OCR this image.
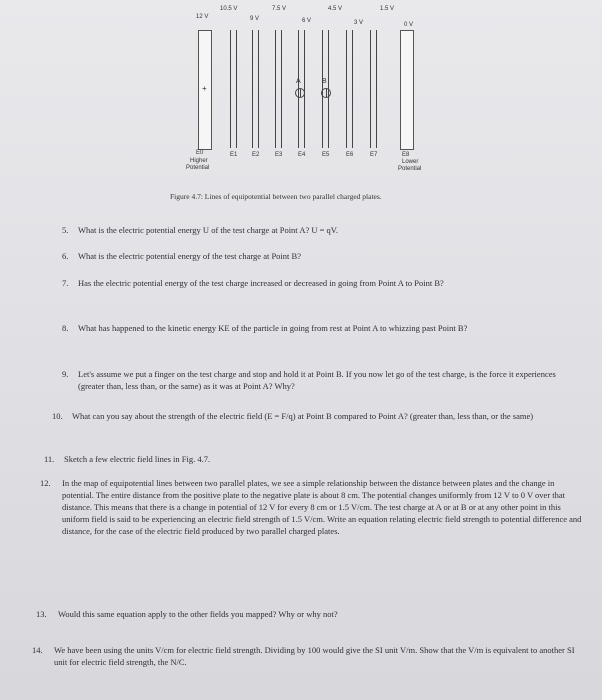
10.5 V	7.5 V	4.5 V	1.5 V
12 V	9 V	6 V	3 V	0 V
+
A	B
E0	E1 E2	E3	E4	E5	E6	E7	E8
Higher
Potential
Lower
Potential
Figure 4.7: Lines of equipotential between two parallel charged plates.
5. What is the electric potential energy U of the test charge at Point A? U = qV.
6. What is the electric potential energy of the test charge at Point B?
7. Has the electric potential energy of the test charge increased or decreased in going from Point A to Point B?
8. What has happened to the kinetic energy KE of the particle in going from rest at Point A to whizzing past Point B?
9. Let's assume we put a finger on the test charge and stop and hold it at Point B. If you now let go of the test charge, is the force it experiences (greater than, less than, or the same) as it was at Point A? Why?
10. What can you say about the strength of the electric field (E = F/q) at Point B compared to Point A? (greater than, less than, or the same)
11. Sketch a few electric field lines in Fig. 4.7.
12. In the map of equipotential lines between two parallel plates, we see a simple relationship between the distance between plates and the change in potential. The entire distance from the positive plate to the negative plate is about 8 cm. The potential changes uniformly from 12 V to 0 V over that distance. This means that there is a change in potential of 12 V for every 8 cm or 1.5 V/cm. The test charge at A or at B or at any other point in this uniform field is said to be experiencing an electric field strength of 1.5 V/cm. Write an equation relating electric field strength to potential difference and distance, for the case of the electric field produced by two parallel charged plates.
13. Would this same equation apply to the other fields you mapped? Why or why not?
14. We have been using the units V/cm for electric field strength. Dividing by 100 would give the SI unit V/m. Show that the V/m is equivalent to another SI unit for electric field strength, the N/C.
